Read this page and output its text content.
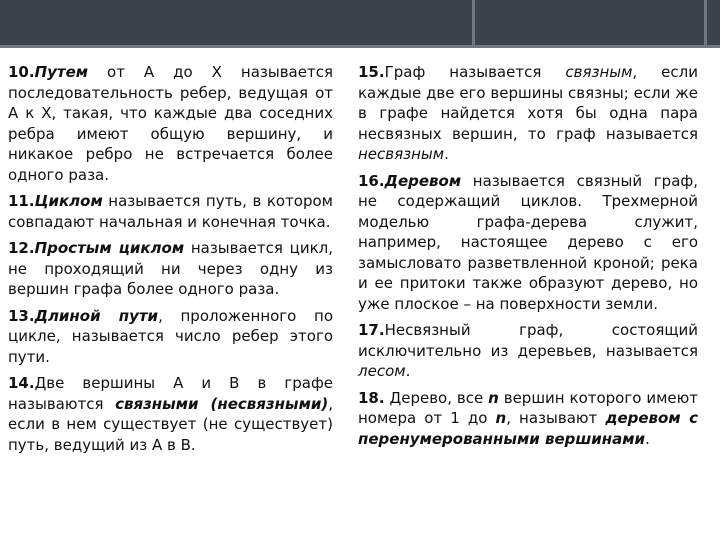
10.Путем от A до X называется последовательность ребер, ведущая от A к X, такая, что каждые два соседних ребра имеют общую вершину, и никакое ребро не встречается более одного раза.

11.Циклом называется путь, в котором совпадают начальная и конечная точка.

12.Простым циклом называется цикл, не проходящий ни через одну из вершин графа более одного раза.

13.Длиной пути, проложенного по цикле, называется число ребер этого пути.

14.Две вершины A и B в графе называются связными (несвязными), если в нем существует (не существует) путь, ведущий из A в B.

15.Граф называется связным, если каждые две его вершины связны; если же в графе найдется хотя бы одна пара несвязных вершин, то граф называется несвязным.

16.Деревом называется связный граф, не содержащий циклов. Трехмерной моделью графа-дерева служит, например, настоящее дерево с его замысловато разветвленной кроной; река и ее притоки также образуют дерево, но уже плоское – на поверхности земли.

17.Несвязный граф, состоящий исключительно из деревьев, называется лесом.

18. Дерево, все n вершин которого имеют номера от 1 до n, называют деревом с перенумерованными вершинами.
